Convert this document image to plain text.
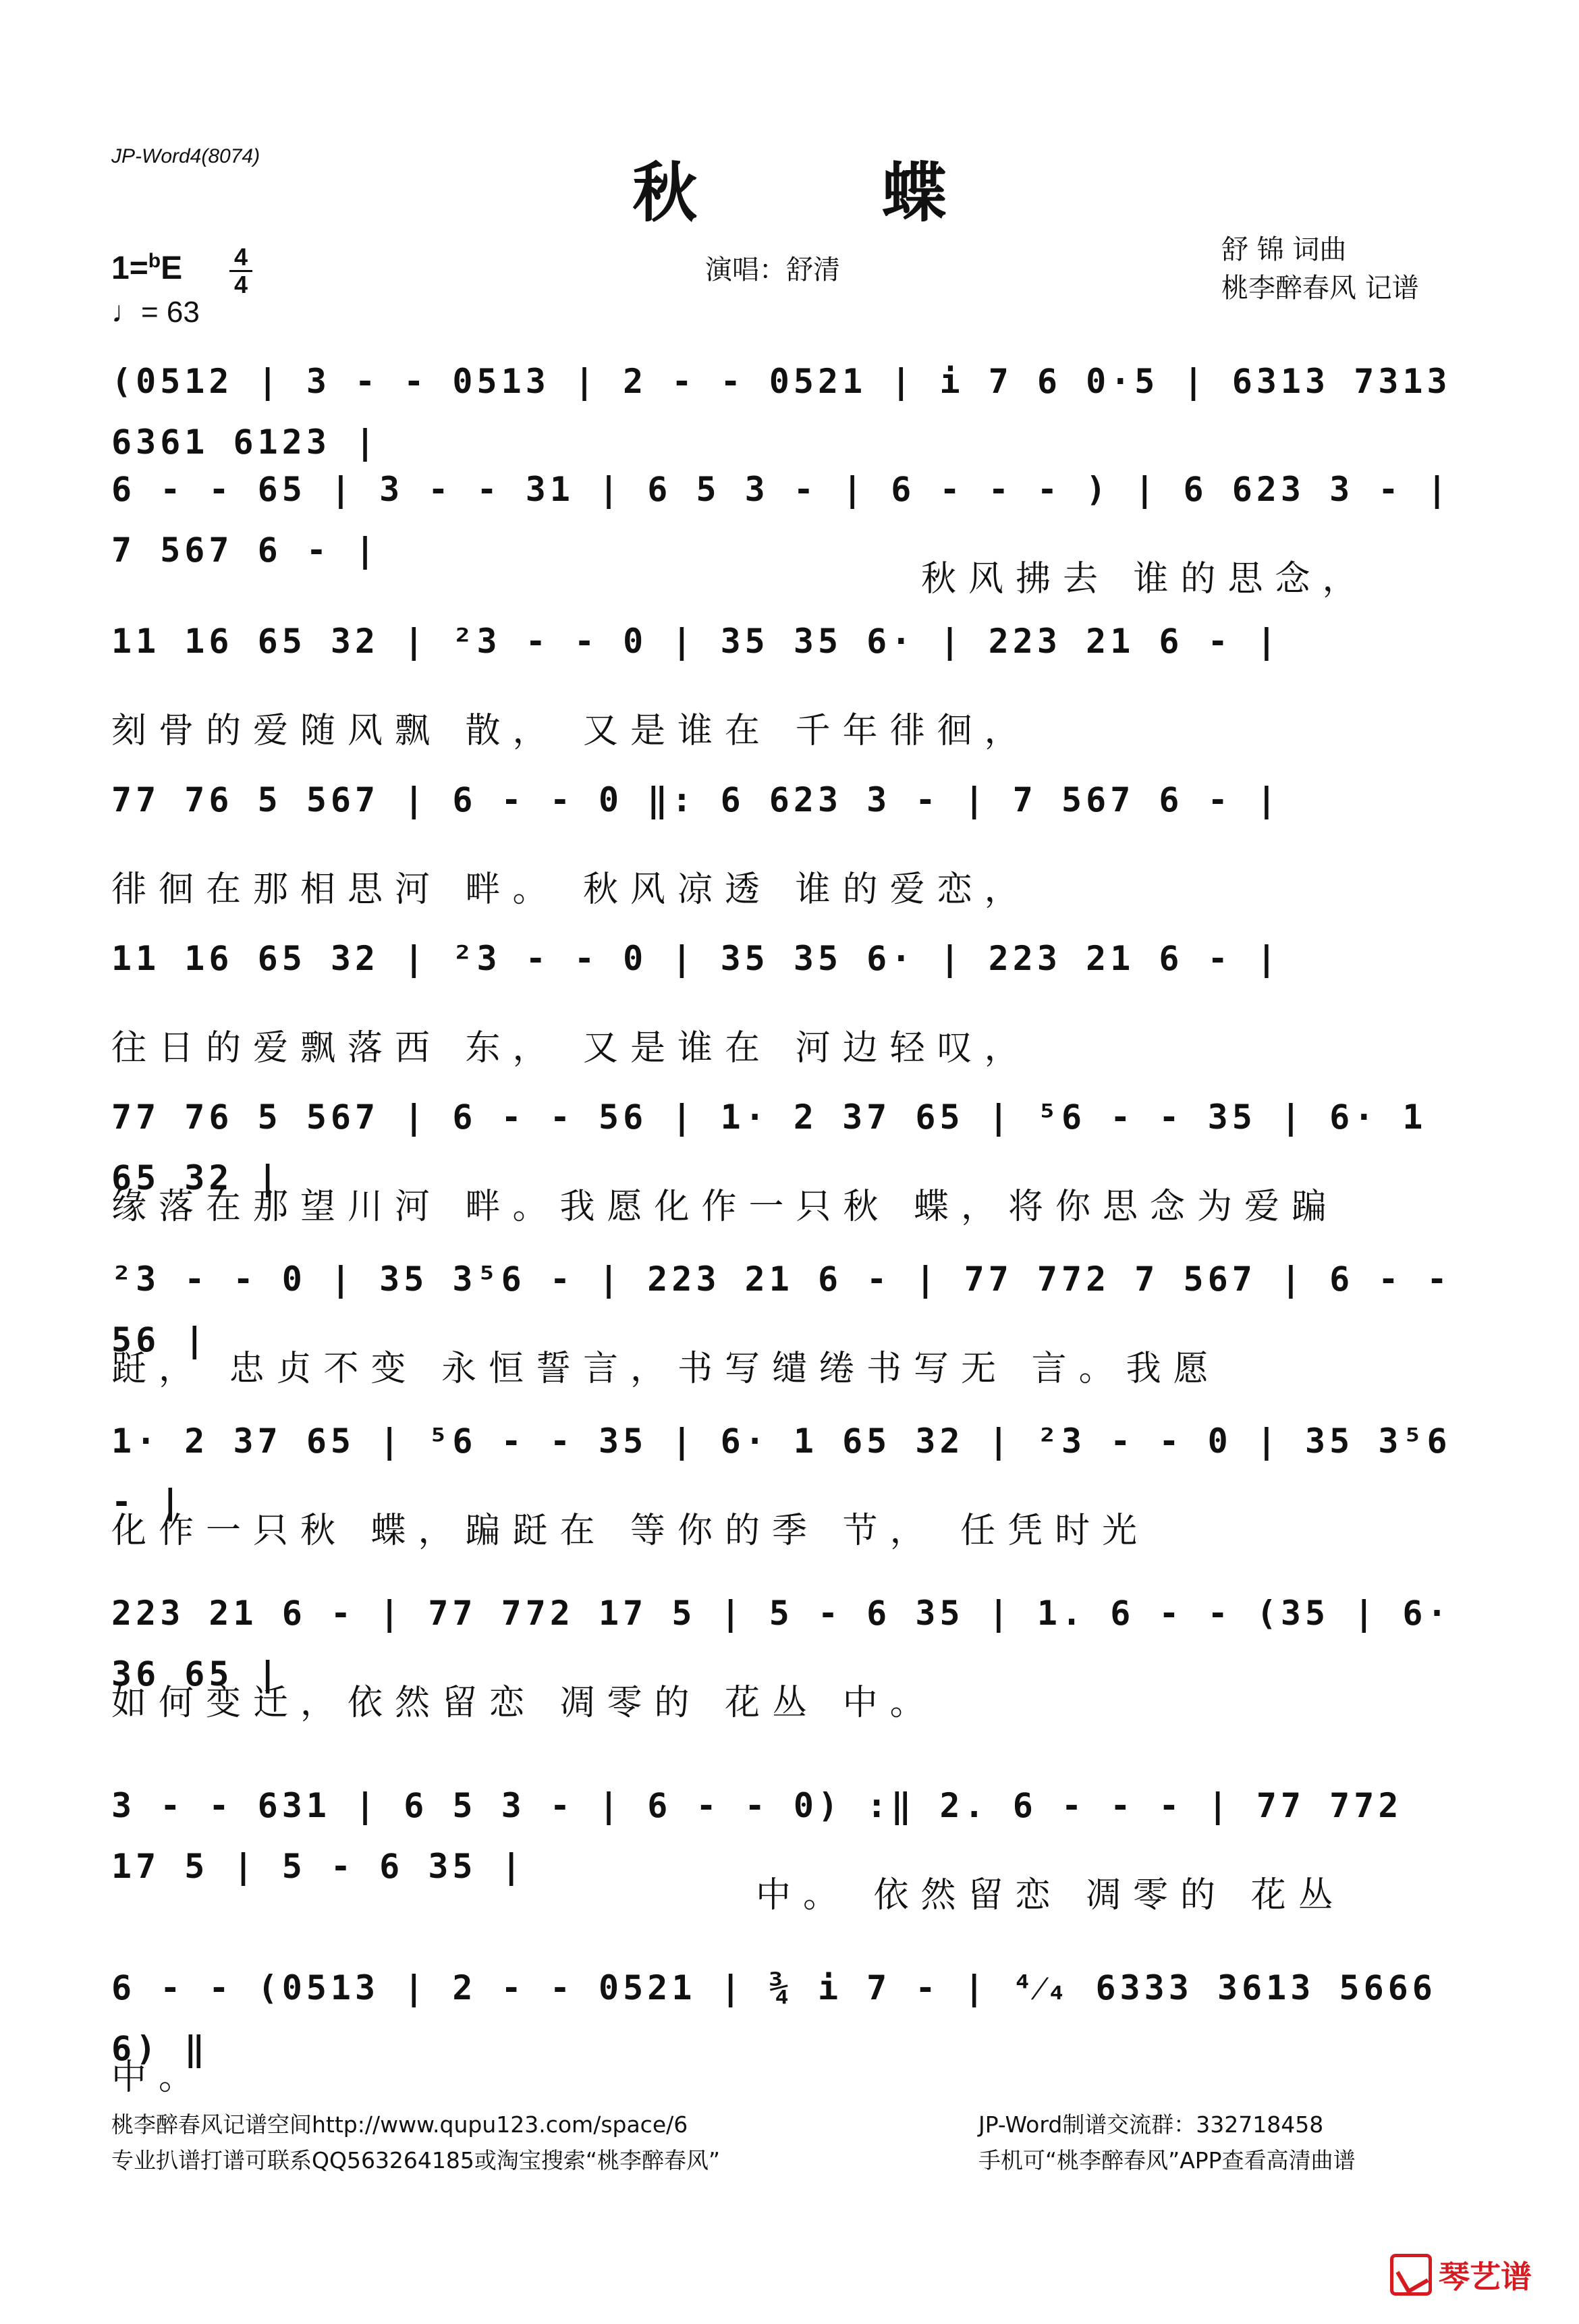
JP-Word4(8074)	秋 蝶
1=$^b$E 4
4
♩= 63
演唱：舒清
舒 锦 词曲
桃李醉春风 记谱
(0512 | 3 - - 0513 | 2 - - 0521 | i 7 6 0·5 | 6313 7313 6361 6123 |
6 - - 65 | 3 - - 31 | 6 5 3 - | 6 - - - ) | 6 623 3 - | 7 567 6 - |
秋风拂去 谁的思念，
11 16 65 32 | ²3 - - 0 | 35 35 6· | 223 21 6 - |
刻骨的爱随风飘 散， 又是谁在 千年徘徊，
77 76 5 567 | 6 - - 0 ‖: 6 623 3 - | 7 567 6 - |
徘徊在那相思河 畔。 秋风凉透 谁的爱恋，
11 16 65 32 | ²3 - - 0 | 35 35 6· | 223 21 6 - |
往日的爱飘落西 东， 又是谁在 河边轻叹，
77 76 5 567 | 6 - - 56 | 1· 2 37 65 | ⁵6 - - 35 | 6· 1 65 32 |
缘落在那望川河 畔。我愿化作一只秋 蝶，将你思念为爱蹁
²3 - - 0 | 35 3⁵6 - | 223 21 6 - | 77 772 7 567 | 6 - - 56 |
跹， 忠贞不变 永恒誓言，书写缱绻书写无 言。我愿
1· 2 37 65 | ⁵6 - - 35 | 6· 1 65 32 | ²3 - - 0 | 35 3⁵6 - |
化作一只秋 蝶，蹁跹在 等你的季 节， 任凭时光
223 21 6 - | 77 772 17 5 | 5 - 6 35 | 1. 6 - - (35 | 6· 36 65 |
如何变迁，依然留恋 凋零的 花丛 中。
3 - - 631 | 6 5 3 - | 6 - - 0) :‖ 2. 6 - - - | 77 772 17 5 | 5 - 6 35 |
中。 依然留恋 凋零的 花丛
6 - - (0513 | 2 - - 0521 | ¾ i 7 - | ⁴⁄₄ 6333 3613 5666 6) ‖
中。
桃李醉春风记谱空间http://www.qupu123.com/space/6
专业扒谱打谱可联系QQ563264185或淘宝搜索“桃李醉春风”
JP-Word制谱交流群：332718458
手机可“桃李醉春风”APP查看高清曲谱
琴艺谱
